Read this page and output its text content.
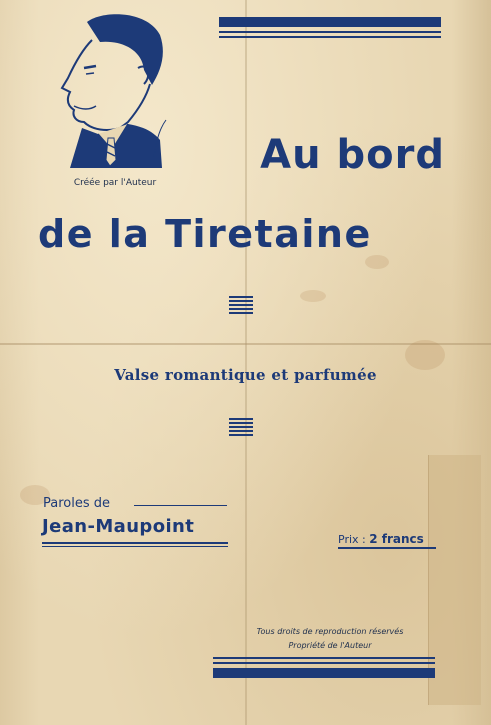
Créée par l'Auteur
Au bord
de la Tiretaine
Valse romantique et parfumée
Paroles de
Jean-Maupoint
Prix : 2 francs
Tous droits de reproduction réservés
Propriété de l'Auteur
